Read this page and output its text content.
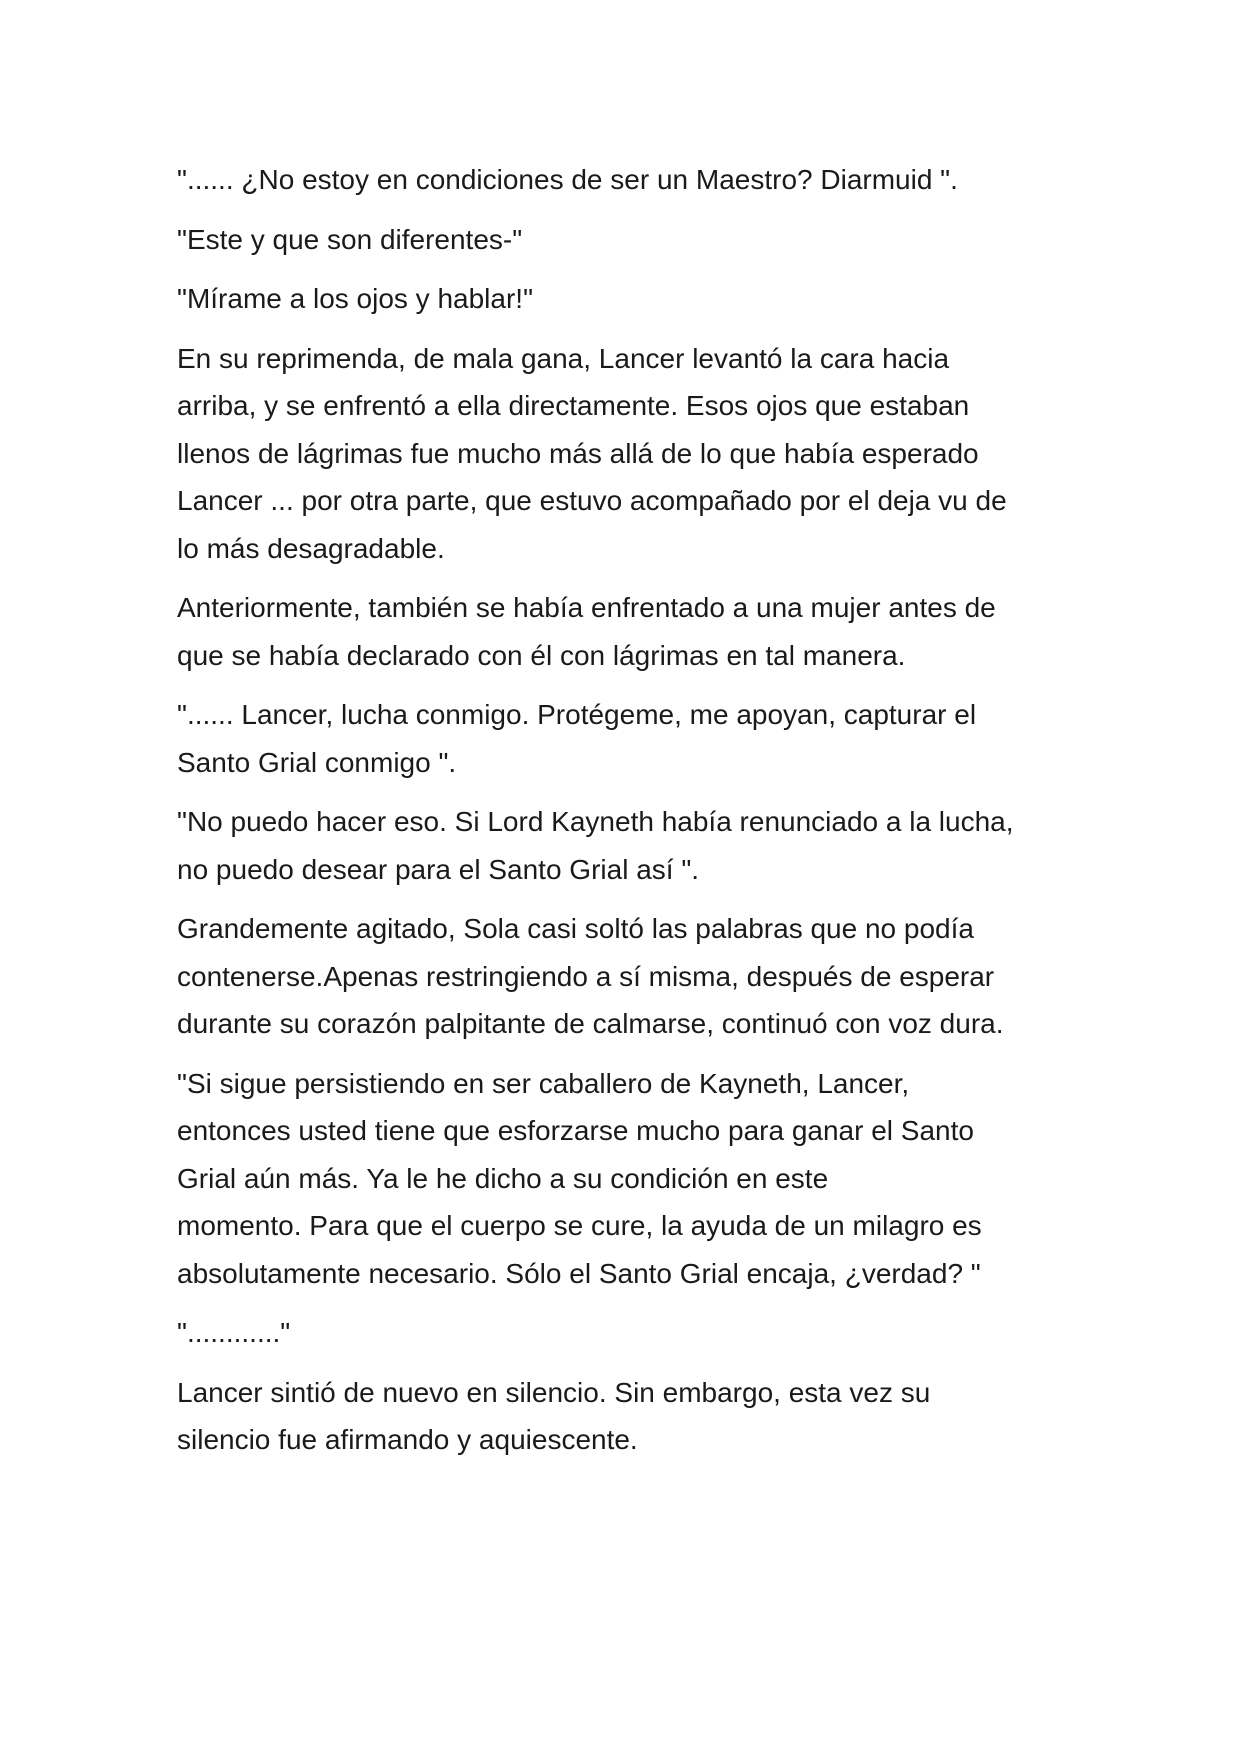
"...... ¿No estoy en condiciones de ser un Maestro? Diarmuid ".

"Este y que son diferentes-"

"Mírame a los ojos y hablar!"

En su reprimenda, de mala gana, Lancer levantó la cara hacia
arriba, y se enfrentó a ella directamente. Esos ojos que estaban
llenos de lágrimas fue mucho más allá de lo que había esperado
Lancer ... por otra parte, que estuvo acompañado por el deja vu de
lo más desagradable.

Anteriormente, también se había enfrentado a una mujer antes de
que se había declarado con él con lágrimas en tal manera.

"...... Lancer, lucha conmigo. Protégeme, me apoyan, capturar el
Santo Grial conmigo ".

"No puedo hacer eso. Si Lord Kayneth había renunciado a la lucha,
no puedo desear para el Santo Grial así ".

Grandemente agitado, Sola casi soltó las palabras que no podía
contenerse.Apenas restringiendo a sí misma, después de esperar
durante su corazón palpitante de calmarse, continuó con voz dura.

"Si sigue persistiendo en ser caballero de Kayneth, Lancer,
entonces usted tiene que esforzarse mucho para ganar el Santo
Grial aún más. Ya le he dicho a su condición en este
momento. Para que el cuerpo se cure, la ayuda de un milagro es
absolutamente necesario. Sólo el Santo Grial encaja, ¿verdad? "

"............"

Lancer sintió de nuevo en silencio. Sin embargo, esta vez su
silencio fue afirmando y aquiescente.
